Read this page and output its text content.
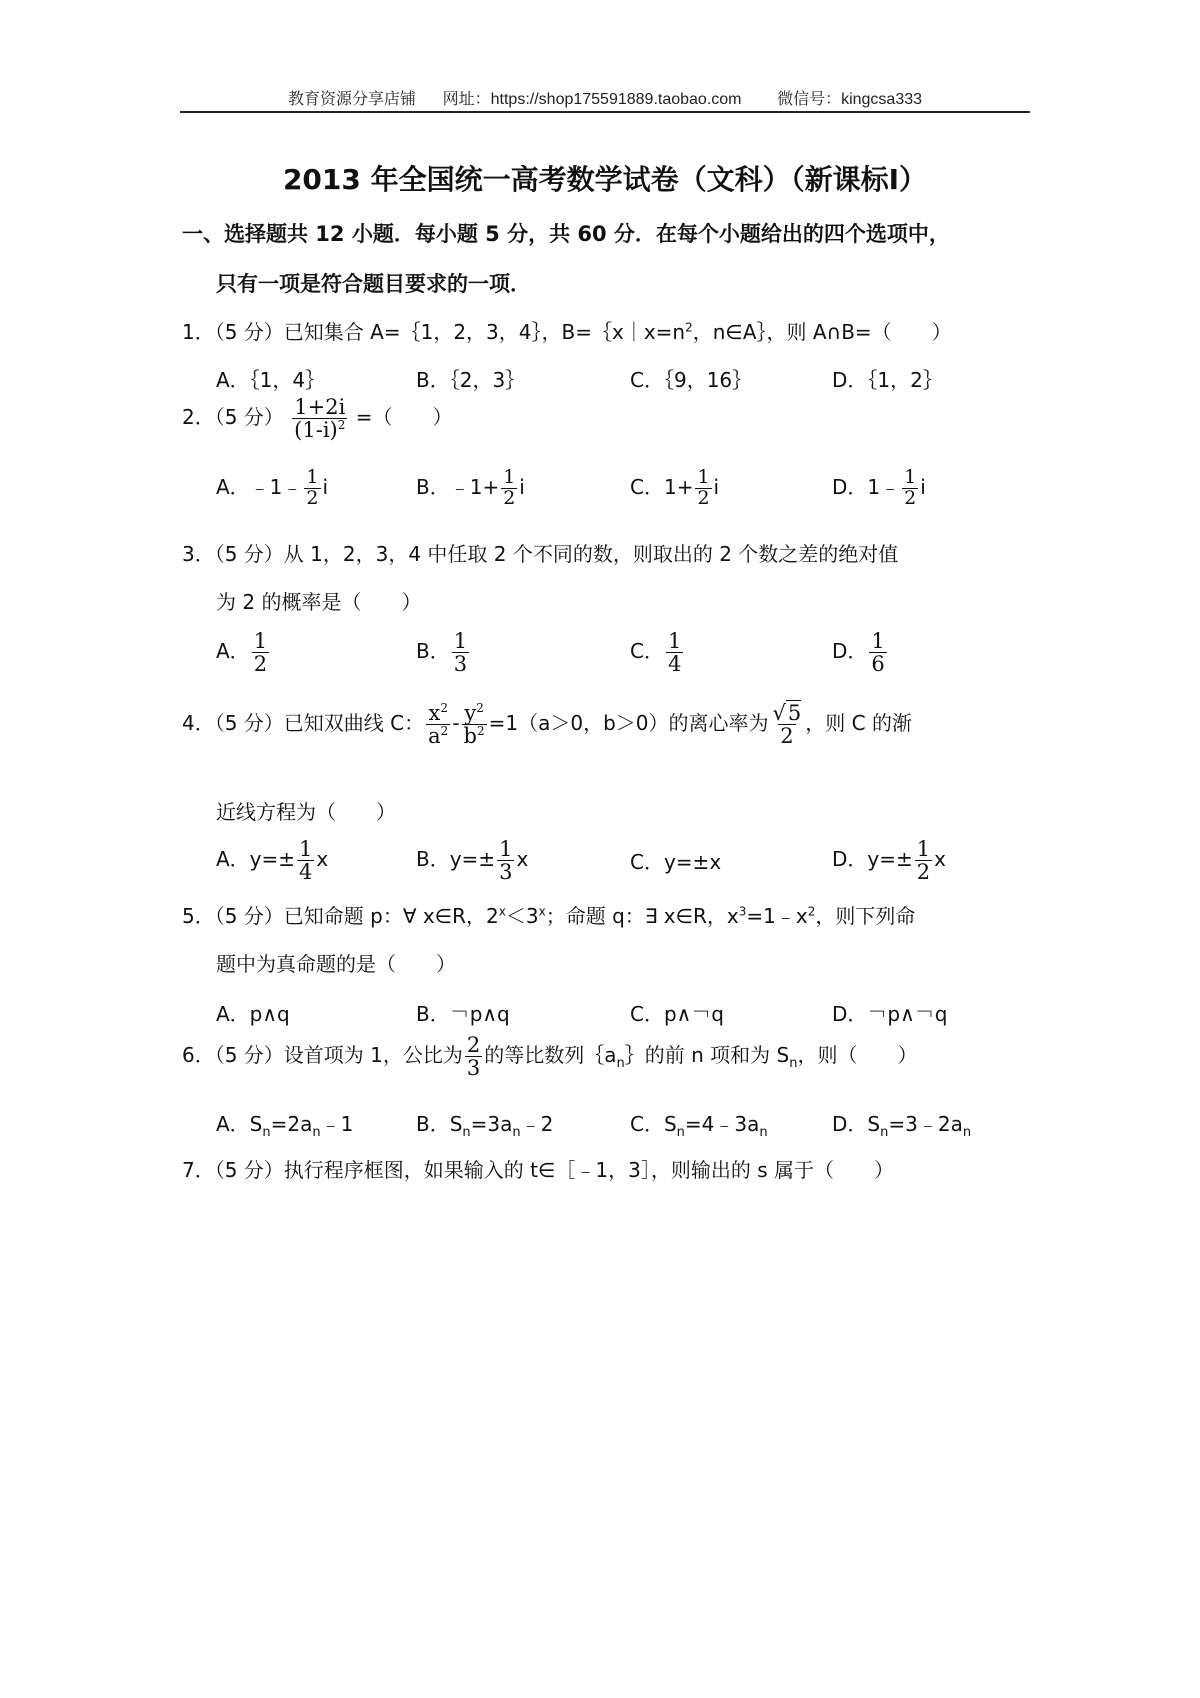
教育资源分享店铺 网址：https://shop175591889.taobao.com 微信号：kingcsa333
2013 年全国统一高考数学试卷（文科）（新课标Ⅰ）
一、选择题共 12 小题．每小题 5 分，共 60 分．在每个小题给出的四个选项中，
只有一项是符合题目要求的一项．
1．（5 分）已知集合 A=｛1，2，3，4｝，$B=\{x|x=n^2$，n∈A｝，则 A∩B=（　　）
A．｛1，4｝	B．｛2，3｝	C．｛9，16｝	D．｛1，2｝
2．（5 分） $\frac{1+2i}{(1-i)^2}$ =（　　）
A．﹣1﹣ $\frac{1}{2}$ i	B．﹣1+ $\frac{1}{2}$ i	C．$1+ \frac{1}{2}$ i	D．1﹣ $\frac{1}{2}$ i
3．（5 分）从 1，2，3，4 中任取 2 个不同的数，则取出的 2 个数之差的绝对值
为 2 的概率是（　　）
A． $\frac{1}{2}$	B． $\frac{1}{3}$	C． $\frac{1}{4}$	D． $\frac{1}{6}$
4．（5 分）已知双曲线 C： $\frac{x^2}{a^2} - \frac{y^2}{b^2} =1(a>0$，b＞0）的离心率为 $\frac{√5}{2}$ ，则 C 的渐
近线方程为（　　）
A．$y=\pm \frac{1}{4}$ x	B．$y=\pm \frac{1}{3}$ x	C．y=±x	D．$y=\pm \frac{1}{2}$ x
5．（5 分）已知命题 p：∀ x∈R，$2^x<3^x$；命题 q：∃ x∈R，$x^3=1﹣x^2$，则下列命
题中为真命题的是（　　）
A．p∧q	B．￢p∧q	C．p∧￢q	D．￢p∧￢q
6．（5 分）设首项为 1，公比为 $\frac{2}{3}$ 的等比数列$\{a_n\}$的前 n 项和为 $S_n$，则（　　）
A．$S_n=2a_n﹣1$	B．$S_n=3a_n﹣2$	C．$S_n=4﹣3a_n$	D．$S_n=3﹣2a_n$
7．（5 分）执行程序框图，如果输入的 t∈［﹣1，3］，则输出的 s 属于（　　）
